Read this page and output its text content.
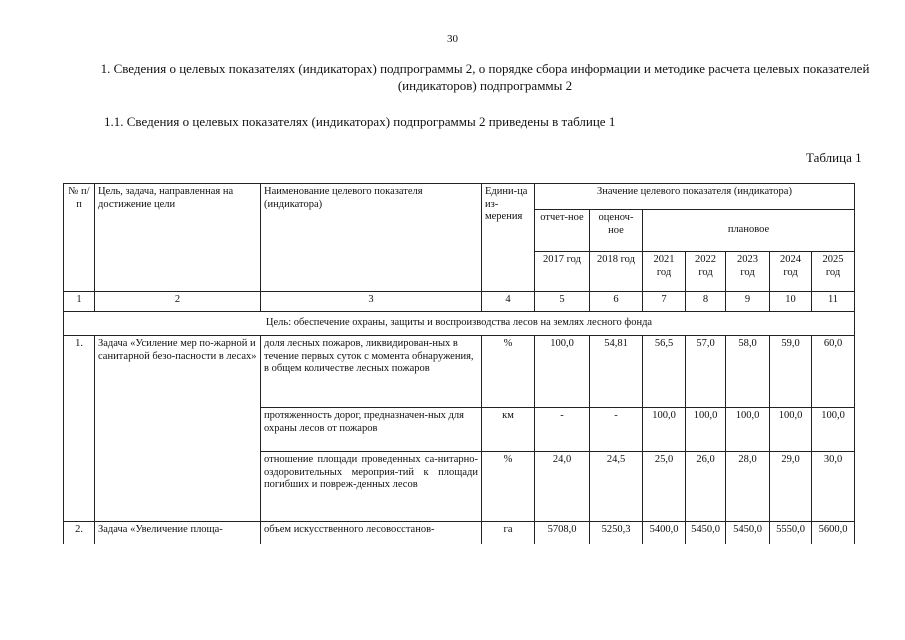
30
1. Сведения о целевых показателях (индикаторах) подпрограммы 2, о порядке сбора информации и методике расчета целевых показателей (индикаторов) подпрограммы 2
1.1. Сведения о целевых показателях (индикаторах) подпрограммы 2 приведены в таблице 1
Таблица 1
№ п/п	Цель, задача, направленная на достижение цели	Наименование целевого показателя (индикатора)	Едини-ца из-мерения	Значение целевого показателя (индикатора)						
				отчет-ное	оценоч-ное	плановое				
				2017 год	2018 год	2021 год	2022 год	2023 год	2024 год	2025 год
1	2	3	4	5	6	7	8	9	10	11
Цель: обеспечение охраны, защиты и воспроизводства лесов на землях лесного фонда										
1.	Задача «Усиление мер по-жарной и санитарной безо-пасности в лесах»	доля лесных пожаров, ликвидирован-ных в течение первых суток с момента обнаружения, в общем количестве лесных пожаров	%	100,0	54,81	56,5	57,0	58,0	59,0	60,0
		протяженность дорог, предназначен-ных для охраны лесов от пожаров	км	-	-	100,0	100,0	100,0	100,0	100,0
		отношение площади проведенных са-нитарно-оздоровительных мероприя-тий к площади погибших и повреж-денных лесов	%	24,0	24,5	25,0	26,0	28,0	29,0	30,0
2.	Задача «Увеличение площа-	объем искусственного лесовосстанов-	га	5708,0	5250,3	5400,0	5450,0	5450,0	5550,0	5600,0
